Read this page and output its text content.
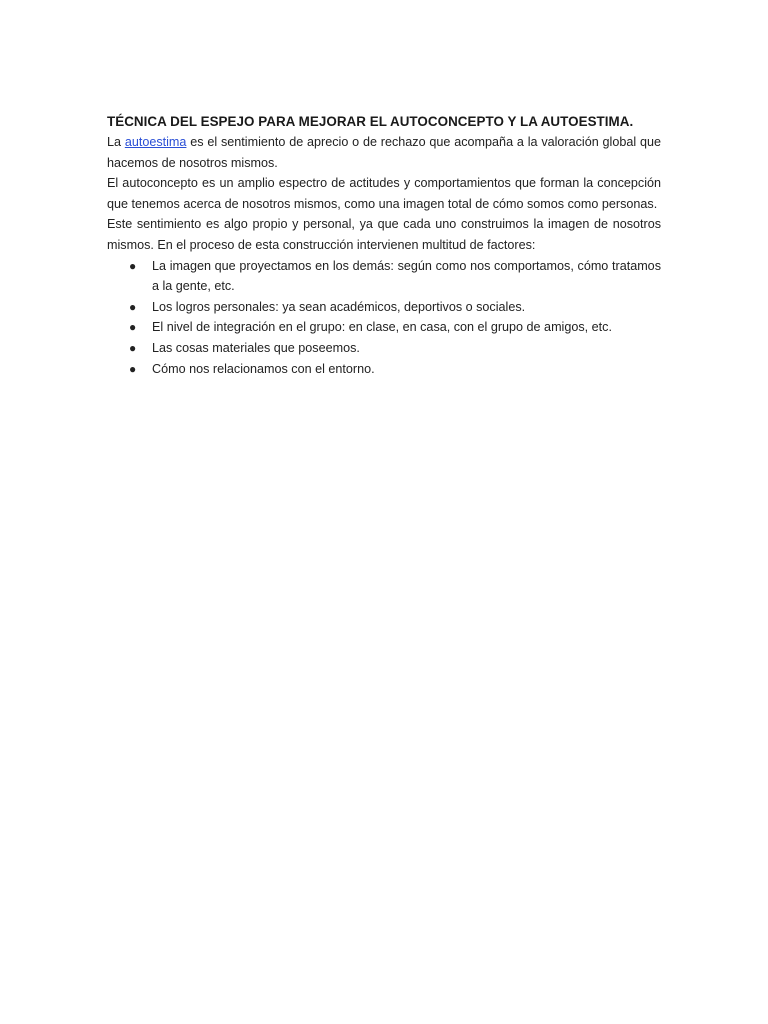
TÉCNICA DEL ESPEJO PARA MEJORAR EL AUTOCONCEPTO Y LA AUTOESTIMA.

La autoestima es el sentimiento de aprecio o de rechazo que acompaña a la valoración global que hacemos de nosotros mismos.

El autoconcepto es un amplio espectro de actitudes y comportamientos que forman la concepción que tenemos acerca de nosotros mismos, como una imagen total de cómo somos como personas.

Este sentimiento es algo propio y personal, ya que cada uno construimos la imagen de nosotros mismos. En el proceso de esta construcción intervienen multitud de factores:

● La imagen que proyectamos en los demás: según como nos comportamos, cómo tratamos a la gente, etc.
● Los logros personales: ya sean académicos, deportivos o sociales.
● El nivel de integración en el grupo: en clase, en casa, con el grupo de amigos, etc.
● Las cosas materiales que poseemos.
● Cómo nos relacionamos con el entorno.
